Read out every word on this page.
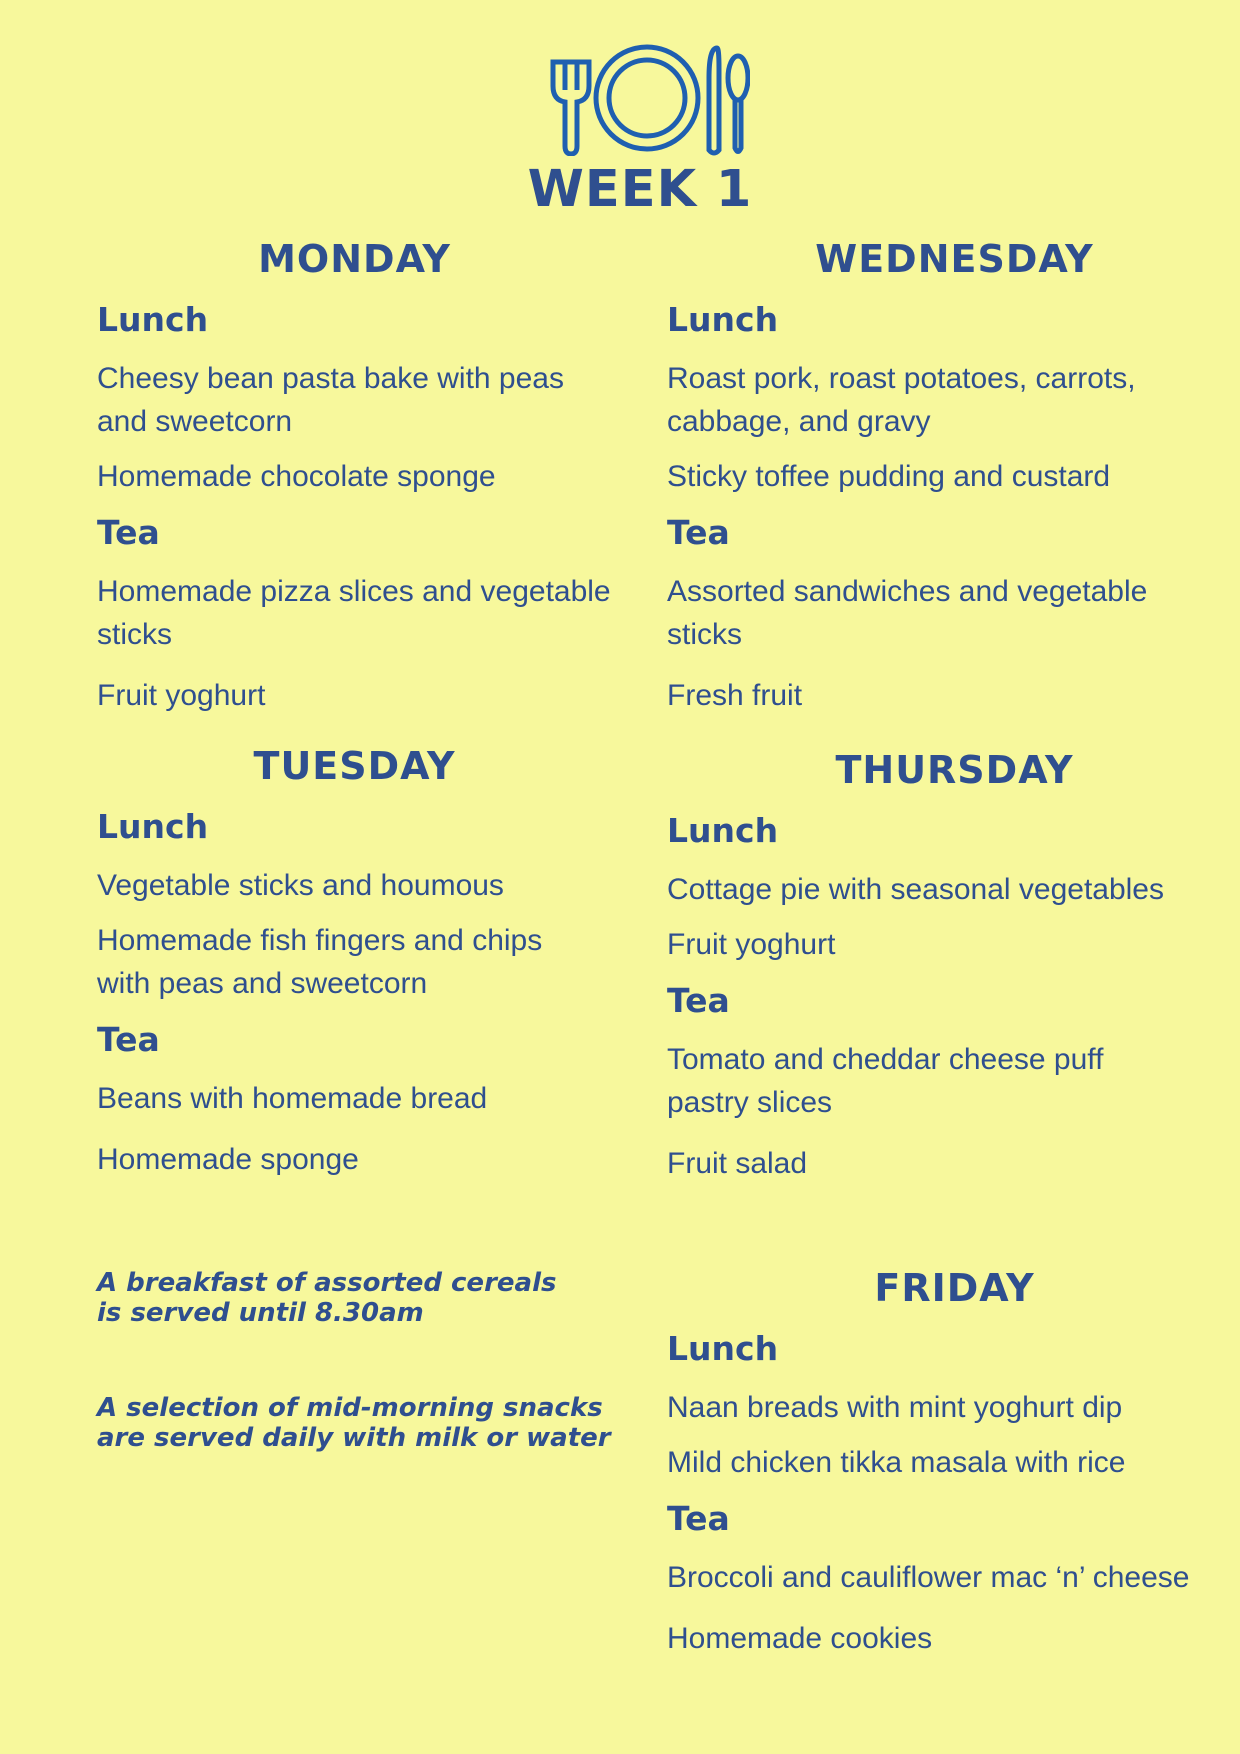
WEEK 1
MONDAY
Lunch
Cheesy bean pasta bake with peas and sweetcorn
Homemade chocolate sponge
Tea
Homemade pizza slices and vegetable sticks
Fruit yoghurt
TUESDAY
Lunch
Vegetable sticks and houmous
Homemade fish fingers and chips with peas and sweetcorn
Tea
Beans with homemade bread
Homemade sponge
WEDNESDAY
Lunch
Roast pork, roast potatoes, carrots, cabbage, and gravy
Sticky toffee pudding and custard
Tea
Assorted sandwiches and vegetable sticks
Fresh fruit
THURSDAY
Lunch
Cottage pie with seasonal vegetables
Fruit yoghurt
Tea
Tomato and cheddar cheese puff pastry slices
Fruit salad
FRIDAY
Lunch
Naan breads with mint yoghurt dip
Mild chicken tikka masala with rice
Tea
Broccoli and cauliflower mac ‘n’ cheese
Homemade cookies
A breakfast of assorted cereals is served until 8.30am
A selection of mid-morning snacks are served daily with milk or water
